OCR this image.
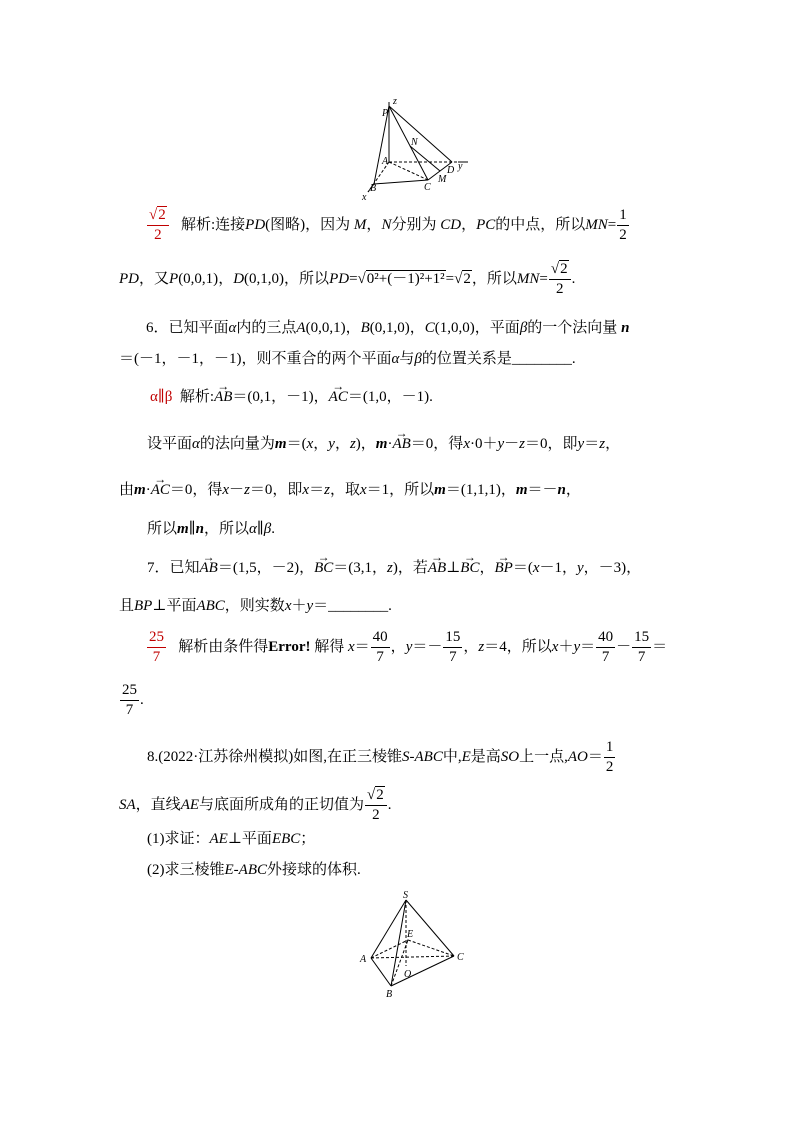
P
z
N
A
D y
M
B	C
x
$\frac{√2}{2}$ 解析:连接PD(图略)，因为 M，N分别为 CD，PC的中点，所以$MN= \frac{1}{2}$
PD，又P(0,0,1)，D(0,1,0)，所以PD=√0²+(－1)²+1²=√2，所以$MN= \frac{√2}{2}$ .
6．已知平面α内的三点A(0,0,1)，B(0,1,0)，C(1,0,0)，平面β的一个法向量 n
＝(－1，－1，－1)，则不重合的两个平面α与β的位置关系是________.
α∥β 解析:→ AB＝(0,1，－1)，→ AC＝(1,0，－1).
设平面α的法向量为m＝(x，y，z)，m·→ AB＝0，得x·0＋y－z＝0，即y＝z，
由m·→ AC＝0，得x－z＝0，即x＝z，取x＝1，所以m＝(1,1,1)，m＝－n，
所以m∥n，所以α∥β.
7．已知→ AB＝(1,5，－2)，→ BC＝(3,1，z)，若→ AB⊥→ BC，→ BP＝(x－1，y，－3)，
且BP⊥平面ABC，则实数x＋y＝________.
$\frac{25}{7}$ 解析由条件得Error! 解得 $x= \frac{40}{7}$ ，$y=- \frac{15}{7}$ ，z＝4，所以$x+y= \frac{40}{7} - \frac{15}{7}$ ＝
$\frac{25}{7}$ .
8.(2022·江苏徐州模拟)如图,在正三棱锥S-ABC中,E是高SO上一点$,AO= \frac{1}{2}$
SA，直线AE与底面所成角的正切值为 $\frac{√2}{2}$ .
(1)求证：AE⊥平面EBC；
(2)求三棱锥E-ABC外接球的体积.
S
E
A	C
O
B
